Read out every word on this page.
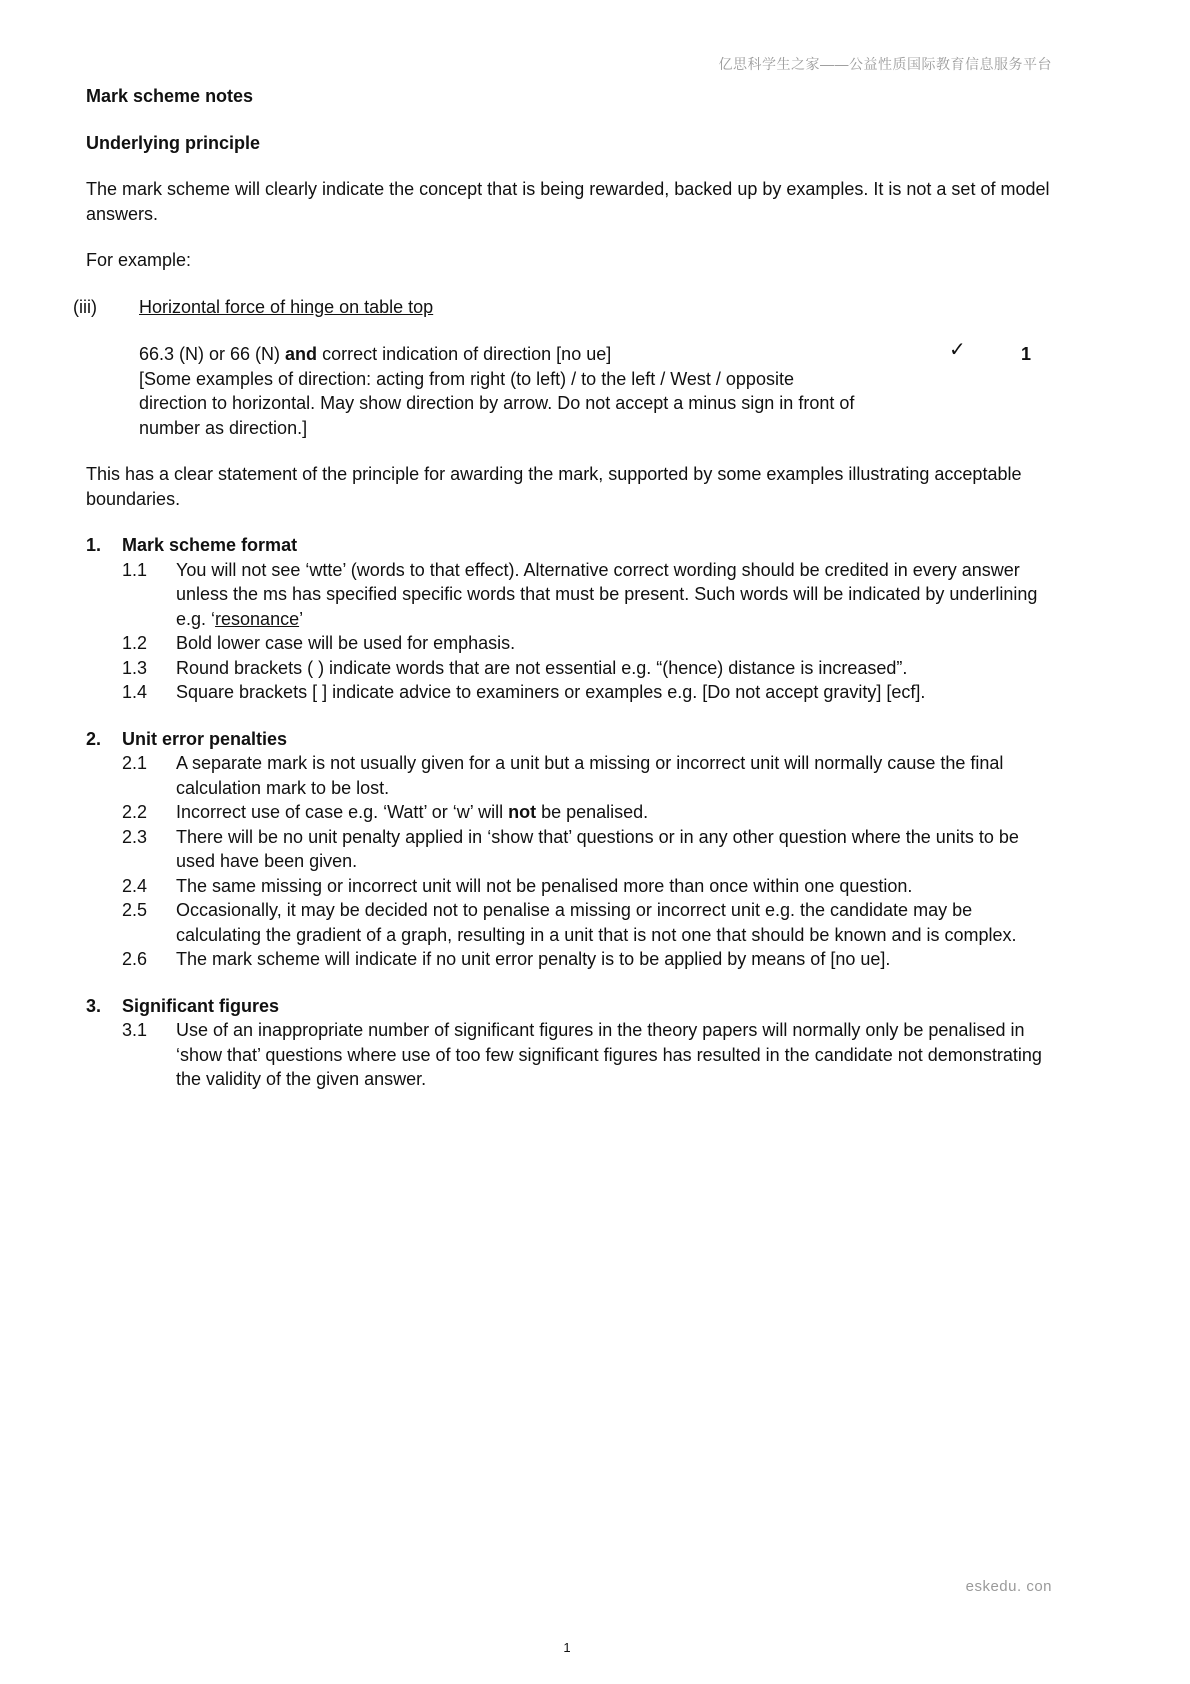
亿思科学生之家——公益性质国际教育信息服务平台

Mark scheme notes

Underlying principle

The mark scheme will clearly indicate the concept that is being rewarded, backed up by examples. It is not a set of model answers.

For example:

(iii) Horizontal force of hinge on table top
66.3 (N) or 66 (N) and correct indication of direction [no ue]
[Some examples of direction: acting from right (to left) / to the left / West / opposite direction to horizontal. May show direction by arrow. Do not accept a minus sign in front of number as direction.]
✓	1

This has a clear statement of the principle for awarding the mark, supported by some examples illustrating acceptable boundaries.

1.	Mark scheme format
1.1	You will not see ‘wtte’ (words to that effect). Alternative correct wording should be credited in every answer unless the ms has specified specific words that must be present. Such words will be indicated by underlining e.g. ‘resonance’
1.2	Bold lower case will be used for emphasis.
1.3	Round brackets ( ) indicate words that are not essential e.g. “(hence) distance is increased”.
1.4	Square brackets [ ] indicate advice to examiners or examples e.g. [Do not accept gravity] [ecf].
2.	Unit error penalties
2.1	A separate mark is not usually given for a unit but a missing or incorrect unit will normally cause the final calculation mark to be lost.
2.2	Incorrect use of case e.g. ‘Watt’ or ‘w’ will not be penalised.
2.3	There will be no unit penalty applied in ‘show that’ questions or in any other question where the units to be used have been given.
2.4	The same missing or incorrect unit will not be penalised more than once within one question.
2.5	Occasionally, it may be decided not to penalise a missing or incorrect unit e.g. the candidate may be calculating the gradient of a graph, resulting in a unit that is not one that should be known and is complex.
2.6	The mark scheme will indicate if no unit error penalty is to be applied by means of [no ue].
3.	Significant figures
3.1	Use of an inappropriate number of significant figures in the theory papers will normally only be penalised in ‘show that’ questions where use of too few significant figures has resulted in the candidate not demonstrating the validity of the given answer.
eskedu. con
1
